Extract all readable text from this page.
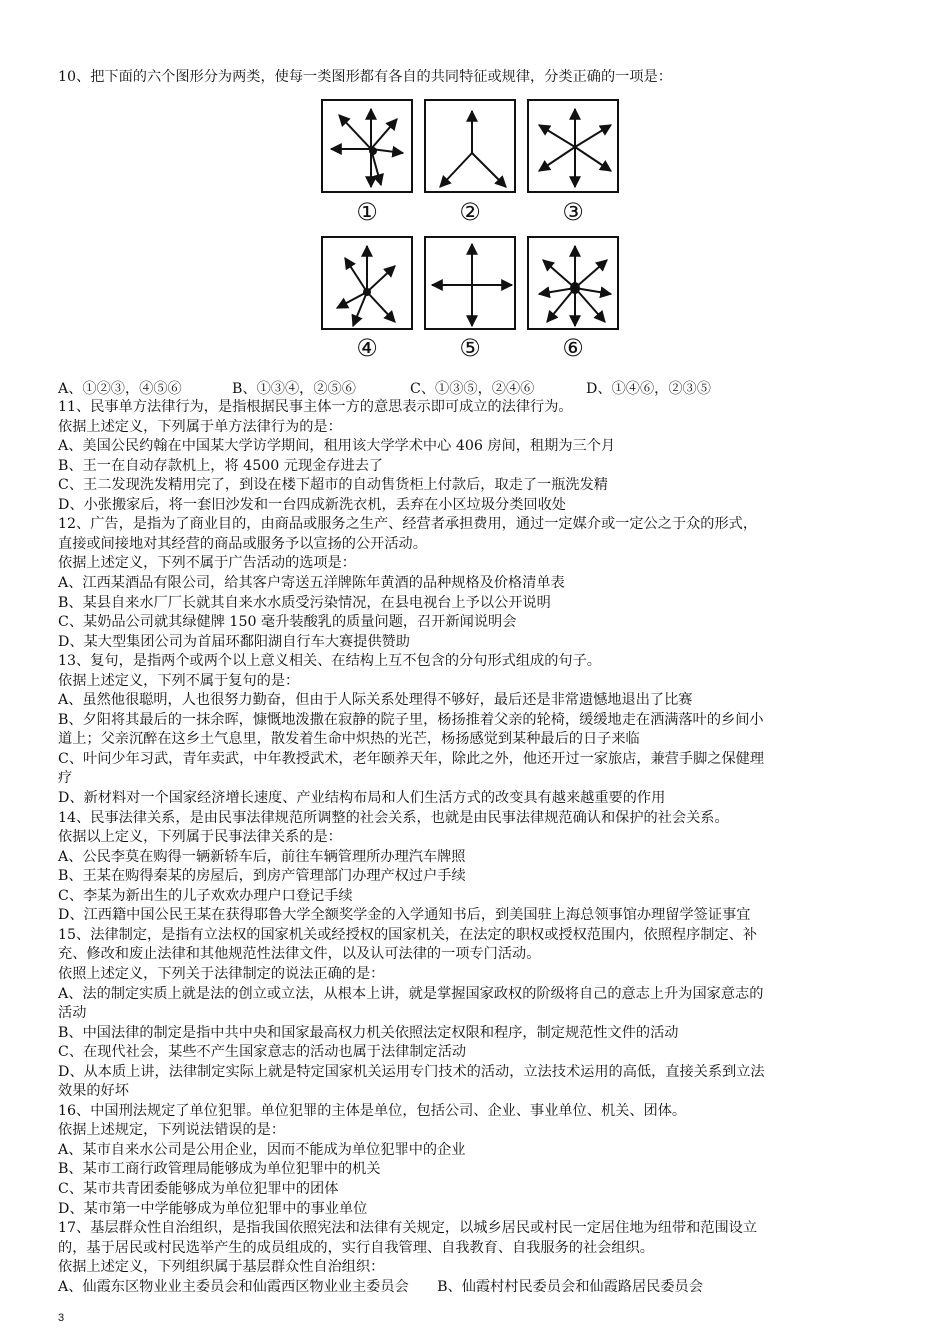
10、把下面的六个图形分为两类，使每一类图形都有各自的共同特征或规律，分类正确的一项是：
①	②	③
④	⑤	⑥
A、①②③，④⑤⑥	B、①③④，②⑤⑥	C、①③⑤，②④⑥	D、①④⑥，②③⑤
11、民事单方法律行为，是指根据民事主体一方的意思表示即可成立的法律行为。
依据上述定义，下列属于单方法律行为的是：
A、美国公民约翰在中国某大学访学期间，租用该大学学术中心 406 房间，租期为三个月
B、王一在自动存款机上，将 4500 元现金存进去了
C、王二发现洗发精用完了，到设在楼下超市的自动售货柜上付款后，取走了一瓶洗发精
D、小张搬家后，将一套旧沙发和一台四成新洗衣机，丢弃在小区垃圾分类回收处
12、广告，是指为了商业目的，由商品或服务之生产、经营者承担费用，通过一定媒介或一定公之于众的形式，
直接或间接地对其经营的商品或服务予以宣扬的公开活动。
依据上述定义，下列不属于广告活动的选项是：
A、江西某酒品有限公司，给其客户寄送五洋牌陈年黄酒的品种规格及价格清单表
B、某县自来水厂厂长就其自来水水质受污染情况，在县电视台上予以公开说明
C、某奶品公司就其绿健牌 150 毫升装酸乳的质量问题，召开新闻说明会
D、某大型集团公司为首届环鄱阳湖自行车大赛提供赞助
13、复句，是指两个或两个以上意义相关、在结构上互不包含的分句形式组成的句子。
依据上述定义，下列不属于复句的是：
A、虽然他很聪明，人也很努力勤奋，但由于人际关系处理得不够好，最后还是非常遗憾地退出了比赛
B、夕阳将其最后的一抹余晖，慷慨地泼撒在寂静的院子里，杨扬推着父亲的轮椅，缓缓地走在洒满落叶的乡间小
道上；父亲沉醉在这乡土气息里，散发着生命中炽热的光芒，杨扬感觉到某种最后的日子来临
C、叶问少年习武，青年卖武，中年教授武术，老年颐养天年，除此之外，他还开过一家旅店，兼营手脚之保健理
疗
D、新材料对一个国家经济增长速度、产业结构布局和人们生活方式的改变具有越来越重要的作用
14、民事法律关系，是由民事法律规范所调整的社会关系，也就是由民事法律规范确认和保护的社会关系。
依据以上定义，下列属于民事法律关系的是：
A、公民李莫在购得一辆新轿车后，前往车辆管理所办理汽车牌照
B、王某在购得秦某的房屋后，到房产管理部门办理产权过户手续
C、李某为新出生的儿子欢欢办理户口登记手续
D、江西籍中国公民王某在获得耶鲁大学全额奖学金的入学通知书后，到美国驻上海总领事馆办理留学签证事宜
15、法律制定，是指有立法权的国家机关或经授权的国家机关，在法定的职权或授权范围内，依照程序制定、补
充、修改和废止法律和其他规范性法律文件，以及认可法律的一项专门活动。
依照上述定义，下列关于法律制定的说法正确的是：
A、法的制定实质上就是法的创立或立法，从根本上讲，就是掌握国家政权的阶级将自己的意志上升为国家意志的
活动
B、中国法律的制定是指中共中央和国家最高权力机关依照法定权限和程序，制定规范性文件的活动
C、在现代社会，某些不产生国家意志的活动也属于法律制定活动
D、从本质上讲，法律制定实际上就是特定国家机关运用专门技术的活动，立法技术运用的高低，直接关系到立法
效果的好坏
16、中国刑法规定了单位犯罪。单位犯罪的主体是单位，包括公司、企业、事业单位、机关、团体。
依据上述规定，下列说法错误的是：
A、某市自来水公司是公用企业，因而不能成为单位犯罪中的企业
B、某市工商行政管理局能够成为单位犯罪中的机关
C、某市共青团委能够成为单位犯罪中的团体
D、某市第一中学能够成为单位犯罪中的事业单位
17、基层群众性自治组织，是指我国依照宪法和法律有关规定，以城乡居民或村民一定居住地为纽带和范围设立
的，基于居民或村民选举产生的成员组成的，实行自我管理、自我教育、自我服务的社会组织。
依据上述定义，下列组织属于基层群众性自治组织：
A、仙霞东区物业业主委员会和仙霞西区物业业主委员会　　B、仙霞村村民委员会和仙霞路居民委员会
3
